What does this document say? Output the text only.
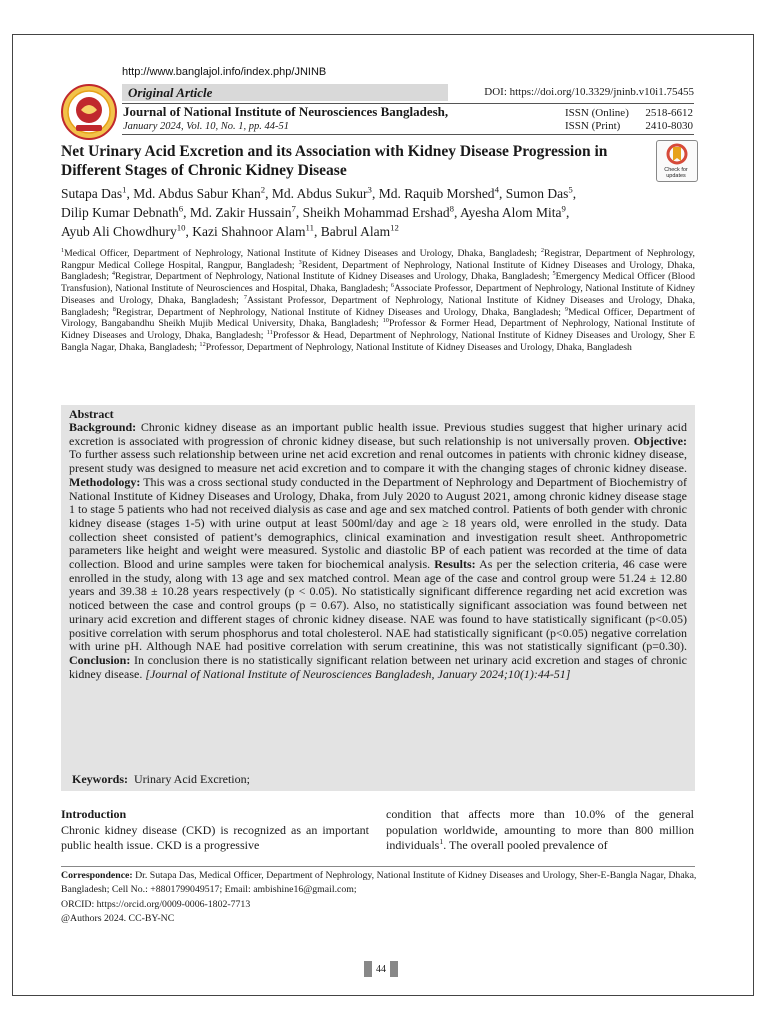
http://www.banglajol.info/index.php/JNINB
Original Article	DOI: https://doi.org/10.3329/jninb.v10i1.75455
Journal of National Institute of Neurosciences Bangladesh,
January 2024, Vol. 10, No. 1, pp. 44-51
ISSN (Online)	2518-6612
ISSN (Print)	2410-8030
Net Urinary Acid Excretion and its Association with Kidney Disease Progression in Different Stages of Chronic Kidney Disease	Check for updates
Sutapa Das$^1$, Md. Abdus Sabur Khan$^2$, Md. Abdus Sukur$^3$, Md. Raquib Morshed$^4$, Sumon Das$^5$,
Dilip Kumar Debnath$^6$, Md. Zakir Hussain$^7$, Sheikh Mohammad Ershad$^8$, Ayesha Alom Mita$^9$,
Ayub Ali Chowdhury$^{10}$, Kazi Shahnoor Alam$^{11}$, Babrul Alam$^{12}$
$^1$Medical Officer, Department of Nephrology, National Institute of Kidney Diseases and Urology, Dhaka, Bangladesh; $^2$Registrar, Department of Nephrology, Rangpur Medical College Hospital, Rangpur, Bangladesh; $^3$Resident, Department of Nephrology, National Institute of Kidney Diseases and Urology, Dhaka, Bangladesh; $^4$Registrar, Department of Nephrology, National Institute of Kidney Diseases and Urology, Dhaka, Bangladesh; $^5$Emergency Medical Officer (Blood Transfusion), National Institute of Neurosciences and Hospital, Dhaka, Bangladesh; $^6$Associate Professor, Department of Nephrology, National Institute of Kidney Diseases and Urology, Dhaka, Bangladesh; $^7$Assistant Professor, Department of Nephrology, National Institute of Kidney Diseases and Urology, Dhaka, Bangladesh; $^8$Registrar, Department of Nephrology, National Institute of Kidney Diseases and Urology, Dhaka, Bangladesh; $^9$Medical Officer, Department of Virology, Bangabandhu Sheikh Mujib Medical University, Dhaka, Bangladesh; $^{10}$Professor & Former Head, Department of Nephrology, National Institute of Kidney Diseases and Urology, Dhaka, Bangladesh; $^{11}$Professor & Head, Department of Nephrology, National Institute of Kidney Diseases and Urology, Sher E Bangla Nagar, Dhaka, Bangladesh; $^{12}$Professor, Department of Nephrology, National Institute of Kidney Diseases and Urology, Dhaka, Bangladesh
Abstract
Background: Chronic kidney disease as an important public health issue. Previous studies suggest that higher urinary acid excretion is associated with progression of chronic kidney disease, but such relationship is not universally proven. Objective: To further assess such relationship between urine net acid excretion and renal outcomes in patients with chronic kidney disease, present study was designed to measure net acid excretion and to compare it with the changing stages of chronic kidney disease. Methodology: This was a cross sectional study conducted in the Department of Nephrology and Department of Biochemistry of National Institute of Kidney Diseases and Urology, Dhaka, from July 2020 to August 2021, among chronic kidney disease stage 1 to stage 5 patients who had not received dialysis as case and age and sex matched control. Patients of both gender with chronic kidney disease (stages 1-5) with urine output at least 500ml/day and age ≥ 18 years old, were enrolled in the study. Data collection sheet consisted of patient’s demographics, clinical examination and investigation result sheet. Anthropometric parameters like height and weight were measured. Systolic and diastolic BP of each patient was recorded at the time of data collection. Blood and urine samples were taken for biochemical analysis. Results: As per the selection criteria, 46 case were enrolled in the study, along with 13 age and sex matched control. Mean age of the case and control group were 51.24 ± 12.80 years and 39.38 ± 10.28 years respectively (p < 0.05). No statistically significant difference regarding net acid excretion was noticed between the case and control groups (p = 0.67). Also, no statistically significant association was found between net urinary acid excretion and different stages of chronic kidney disease. NAE was found to have statistically significant (p<0.05) positive correlation with serum phosphorus and total cholesterol. NAE had statistically significant (p<0.05) negative correlation with urine pH. Although NAE had positive correlation with serum creatinine, this was not statistically significant (p=0.30). Conclusion: In conclusion there is no statistically significant relation between net urinary acid excretion and stages of chronic kidney disease. [Journal of National Institute of Neurosciences Bangladesh, January 2024;10(1):44-51]
Keywords: Urinary Acid Excretion;
Introduction
Chronic kidney disease (CKD) is recognized as an important public health issue. CKD is a progressive
condition that affects more than 10.0% of the general population worldwide, amounting to more than 800 million individuals$^1$. The overall pooled prevalence of
Correspondence: Dr. Sutapa Das, Medical Officer, Department of Nephrology, National Institute of Kidney Diseases and Urology, Sher-E-Bangla Nagar, Dhaka, Bangladesh; Cell No.: +8801799049517; Email: ambishine16@gmail.com;
ORCID: https://orcid.org/0009-0006-1802-7713
@Authors 2024. CC-BY-NC
44
